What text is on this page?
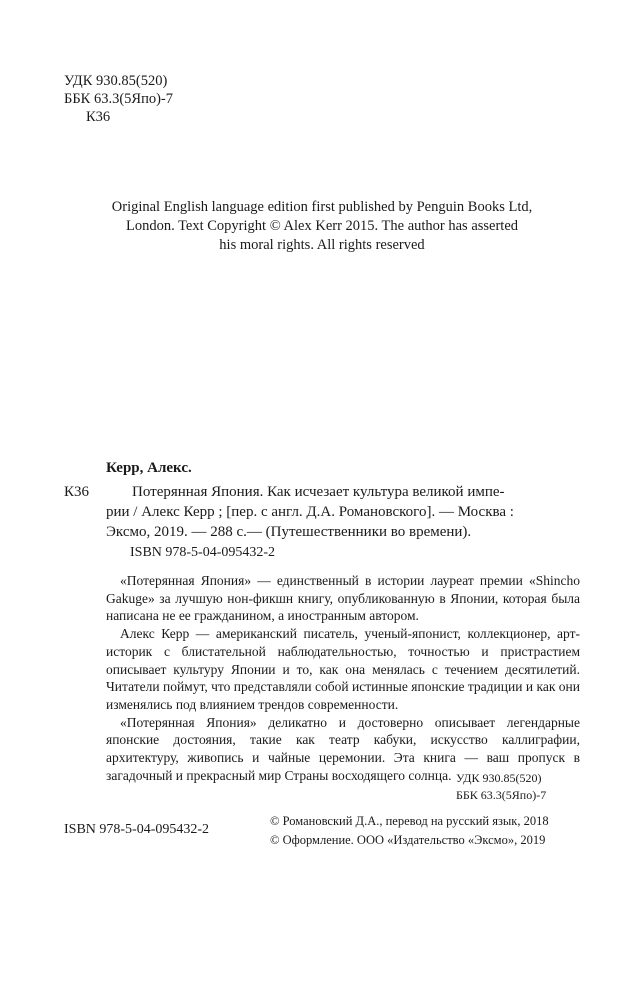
УДК 930.85(520)
ББК 63.3(5Япо)-7
К36
Original English language edition first published by Penguin Books Ltd,
London. Text Copyright © Alex Kerr 2015. The author has asserted
his moral rights. All rights reserved
Керр, Алекс.
К36	Потерянная Япония. Как исчезает культура великой импе-
рии / Алекс Керр ; [пер. с англ. Д.А. Романовского]. — Москва :
Эксмо, 2019. — 288 с.— (Путешественники во времени).
ISBN 978-5-04-095432-2

«Потерянная Япония» — единственный в истории лауреат премии «Shincho Gakuge» за лучшую нон-фикшн книгу, опубликованную в Японии, которая была написана не ее гражданином, а иностранным автором.

Алекс Керр — американский писатель, ученый-японист, коллекционер, арт-историк с блистательной наблюдательностью, точностью и пристрастием описывает культуру Японии и то, как она менялась с течением десятилетий. Читатели поймут, что представляли собой истинные японские традиции и как они изменялись под влиянием трендов современности.

«Потерянная Япония» деликатно и достоверно описывает легендарные японские достояния, такие как театр кабуки, искусство каллиграфии, архитектуру, живопись и чайные церемонии. Эта книга — ваш пропуск в загадочный и прекрасный мир Страны восходящего солнца. УДК 930.85(520)
ББК 63.3(5Япо)-7
ISBN 978-5-04-095432-2
© Романовский Д.А., перевод на русский язык, 2018
© Оформление. ООО «Издательство «Эксмо», 2019
